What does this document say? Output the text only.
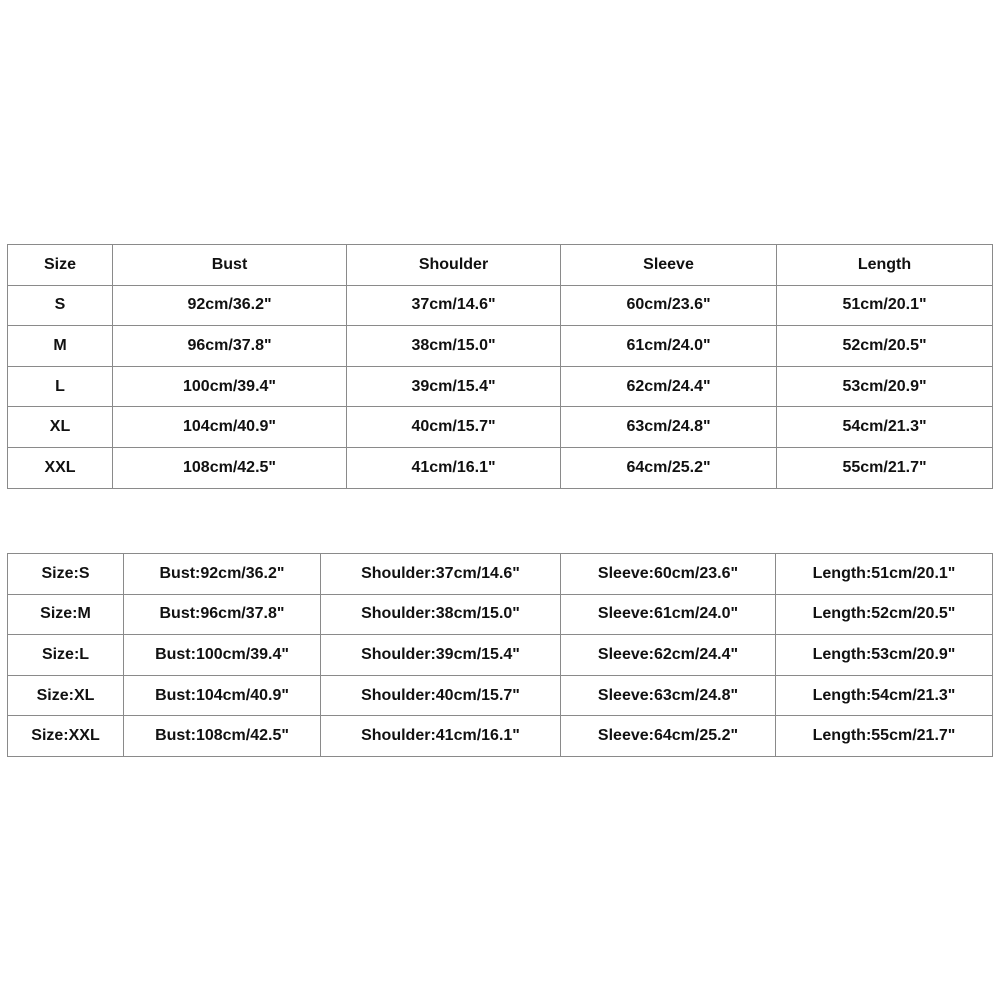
Size	Bust	Shoulder	Sleeve	Length
S	92cm/36.2"	37cm/14.6"	60cm/23.6"	51cm/20.1"
M	96cm/37.8"	38cm/15.0"	61cm/24.0"	52cm/20.5"
L	100cm/39.4"	39cm/15.4"	62cm/24.4"	53cm/20.9"
XL	104cm/40.9"	40cm/15.7"	63cm/24.8"	54cm/21.3"
XXL	108cm/42.5"	41cm/16.1"	64cm/25.2"	55cm/21.7"
Size:S	Bust:92cm/36.2"	Shoulder:37cm/14.6"	Sleeve:60cm/23.6"	Length:51cm/20.1"
Size:M	Bust:96cm/37.8"	Shoulder:38cm/15.0"	Sleeve:61cm/24.0"	Length:52cm/20.5"
Size:L	Bust:100cm/39.4"	Shoulder:39cm/15.4"	Sleeve:62cm/24.4"	Length:53cm/20.9"
Size:XL	Bust:104cm/40.9"	Shoulder:40cm/15.7"	Sleeve:63cm/24.8"	Length:54cm/21.3"
Size:XXL	Bust:108cm/42.5"	Shoulder:41cm/16.1"	Sleeve:64cm/25.2"	Length:55cm/21.7"
